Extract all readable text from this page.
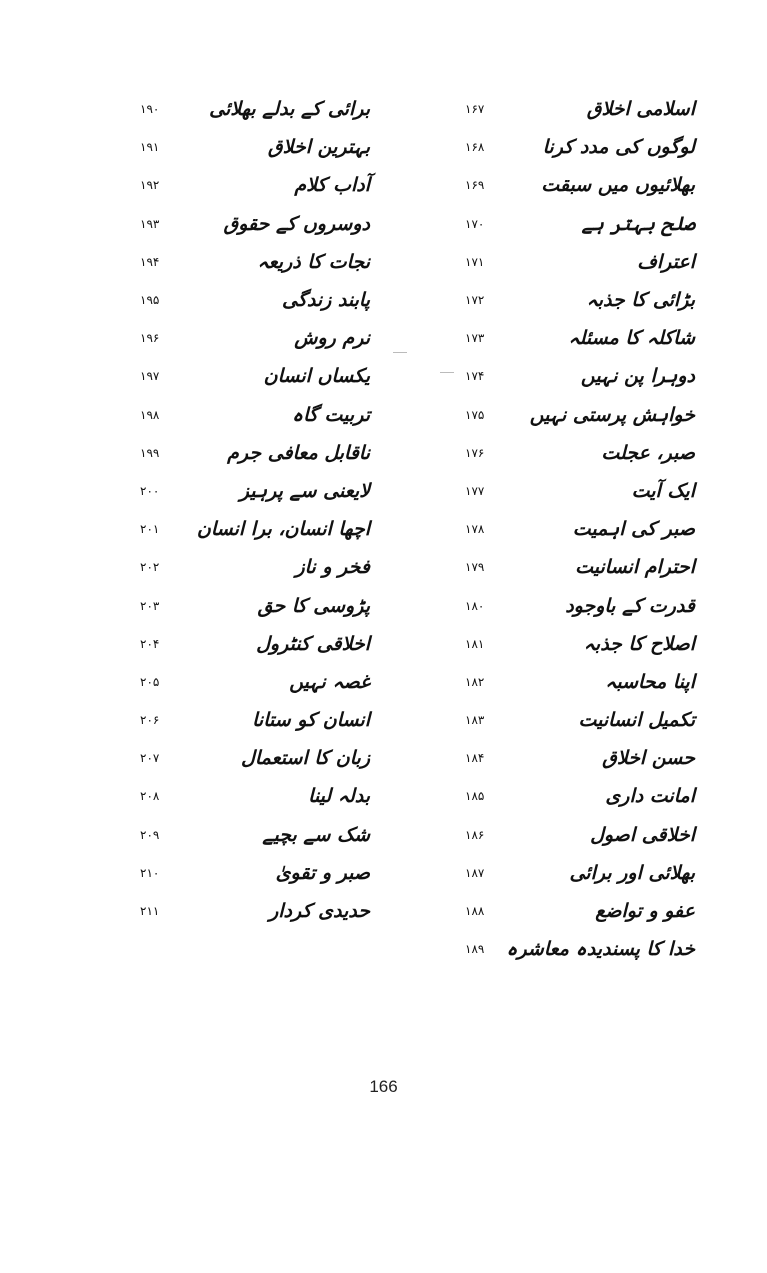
اسلامی اخلاق
۱۶۷
لوگوں کی مدد کرنا
۱۶۸
بھلائیوں میں سبقت
۱۶۹
صلح بہتر ہے
۱۷۰
اعتراف
۱۷۱
بڑائی کا جذبہ
۱۷۲
شاکلہ کا مسئلہ
۱۷۳
دوہرا پن نہیں
۱۷۴
خواہش پرستی نہیں
۱۷۵
صبر، عجلت
۱۷۶
ایک آیت
۱۷۷
صبر کی اہمیت
۱۷۸
احترام انسانیت
۱۷۹
قدرت کے باوجود
۱۸۰
اصلاح کا جذبہ
۱۸۱
اپنا محاسبہ
۱۸۲
تکمیل انسانیت
۱۸۳
حسن اخلاق
۱۸۴
امانت داری
۱۸۵
اخلاقی اصول
۱۸۶
بھلائی اور برائی
۱۸۷
عفو و تواضع
۱۸۸
خدا کا پسندیدہ معاشرہ
۱۸۹
برائی کے بدلے بھلائی
۱۹۰
بہترین اخلاق
۱۹۱
آداب کلام
۱۹۲
دوسروں کے حقوق
۱۹۳
نجات کا ذریعہ
۱۹۴
پابند زندگی
۱۹۵
نرم روش
۱۹۶
یکساں انسان
۱۹۷
تربیت گاہ
۱۹۸
ناقابل معافی جرم
۱۹۹
لایعنی سے پرہیز
۲۰۰
اچھا انسان، برا انسان
۲۰۱
فخر و ناز
۲۰۲
پڑوسی کا حق
۲۰۳
اخلاقی کنٹرول
۲۰۴
غصہ نہیں
۲۰۵
انسان کو ستانا
۲۰۶
زبان کا استعمال
۲۰۷
بدلہ لینا
۲۰۸
شک سے بچیے
۲۰۹
صبر و تقویٰ
۲۱۰
حدیدی کردار
۲۱۱
166
